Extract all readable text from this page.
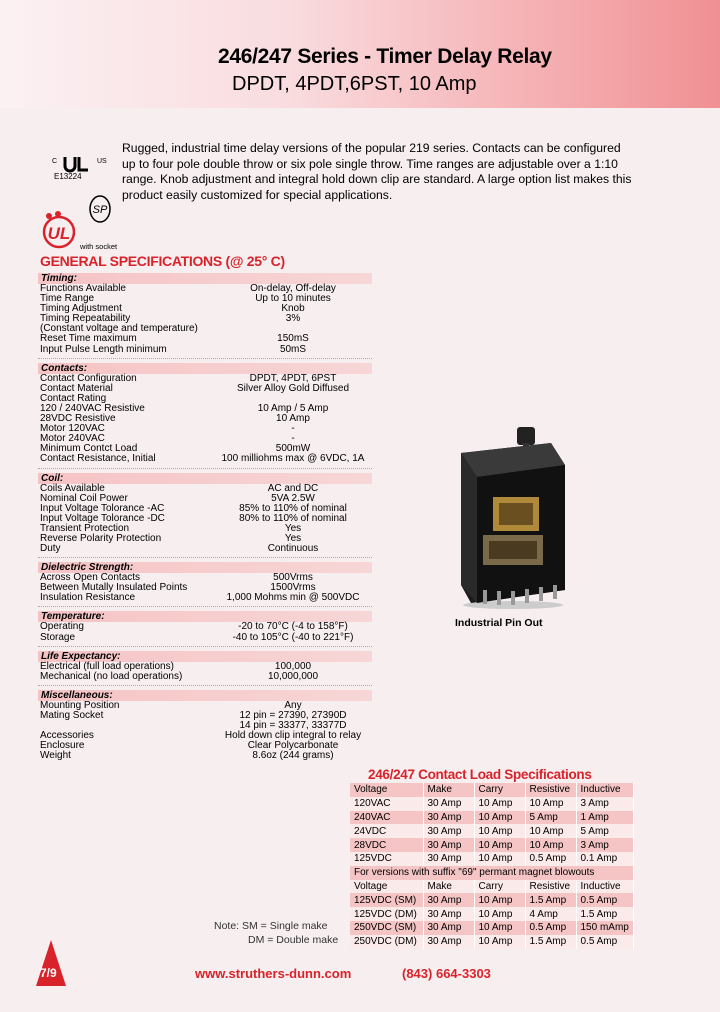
246/247 Series - Timer Delay Relay
DPDT, 4PDT,6PST, 10 Amp
C	US
E13224
SP
UL
with socket
Rugged, industrial time delay versions of the popular 219 series. Contacts can be configured up to four pole double throw or six pole single throw. Time ranges are adjustable over a 1:10 range. Knob adjustment and integral hold down clip are standard. A large option list makes this product easily customized for special applications.
GENERAL SPECIFICATIONS (@ 25° C)
Timing:
Functions Available	On-delay, Off-delay
Time Range	Up to 10 minutes
Timing Adjustment	Knob
Timing Repeatability	3%
(Constant voltage and temperature)
Reset Time maximum	150mS
Input Pulse Length minimum	50mS
Contacts:
Contact Configuration	DPDT, 4PDT, 6PST
Contact Material	Silver Alloy Gold Diffused
Contact Rating
120 / 240VAC Resistive	10 Amp / 5 Amp
28VDC Resistive	10 Amp
Motor 120VAC	-
Motor 240VAC	-
Minimum Contct Load	500mW
Contact Resistance, Initial	100 milliohms max @ 6VDC, 1A
Coil:
Coils Available	AC and DC
Nominal Coil Power	5VA 2.5W
Input Voltage Tolorance -AC	85% to 110% of nominal
Input Voltage Tolorance -DC	80% to 110% of nominal
Transient Protection	Yes
Reverse Polarity Protection	Yes
Duty	Continuous
Dielectric Strength:
Across Open Contacts	500Vrms
Between Mutally Insulated Points	1500Vrms
Insulation Resistance	1,000 Mohms min @ 500VDC
Temperature:
Operating	-20 to 70°C (-4 to 158°F)
Storage	-40 to 105°C (-40 to 221°F)
Life Expectancy:
Electrical (full load operations)	100,000
Mechanical (no load operations)	10,000,000
Miscellaneous:
Mounting Position	Any
Mating Socket	12 pin = 27390, 27390D
14 pin = 33377, 33377D
Accessories	Hold down clip integral to relay
Enclosure	Clear Polycarbonate
Weight	8.6oz (244 grams)
Industrial Pin Out
246/247 Contact Load Specifications
Voltage	Make	Carry	Resistive	Inductive
120VAC	30 Amp	10 Amp	10 Amp	3 Amp
240VAC	30 Amp	10 Amp	5 Amp	1 Amp
24VDC	30 Amp	10 Amp	10 Amp	5 Amp
28VDC	30 Amp	10 Amp	10 Amp	3 Amp
125VDC	30 Amp	10 Amp	0.5 Amp	0.1 Amp
For versions with suffix "69" permant magnet blowouts				
Voltage	Make	Carry	Resistive	Inductive
125VDC (SM)	30 Amp	10 Amp	1.5 Amp	0.5 Amp
125VDC (DM)	30 Amp	10 Amp	4 Amp	1.5 Amp
250VDC (SM)	30 Amp	10 Amp	0.5 Amp	150 mAmp
250VDC (DM)	30 Amp	10 Amp	1.5 Amp	0.5 Amp
Note: SM = Single make
DM = Double make
7/9	www.struthers-dunn.com	(843) 664-3303
